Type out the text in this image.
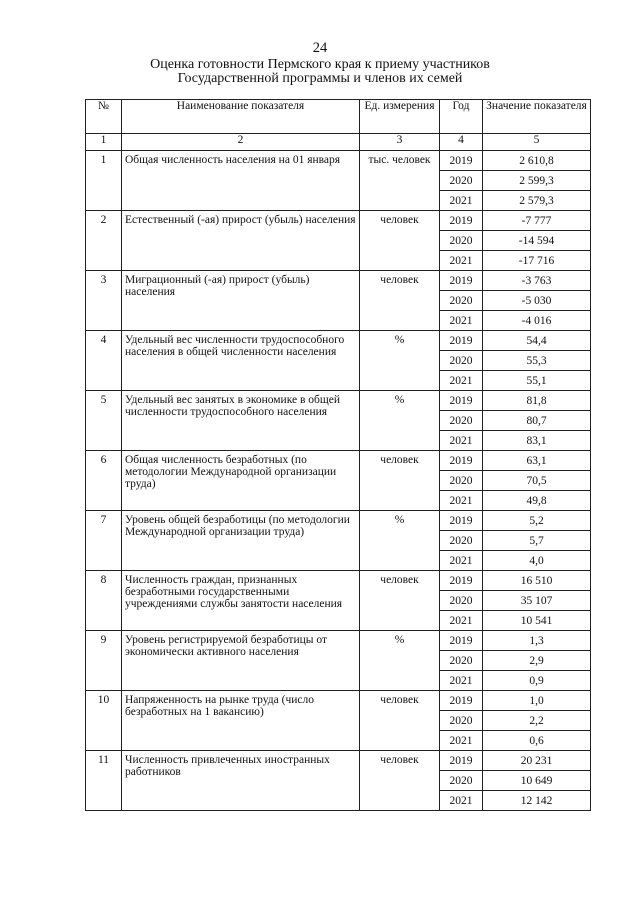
24
Оценка готовности Пермского края к приему участников
Государственной программы и членов их семей
№	Наименование показателя	Ед. измерения	Год	Значение показателя
1	2	3	4	5
1	Общая численность населения на 01 января	тыс. человек	2019	2 610,8
			2020	2 599,3
			2021	2 579,3
2	Естественный (-ая) прирост (убыль) населения	человек	2019	-7 777
			2020	-14 594
			2021	-17 716
3	Миграционный (-ая) прирост (убыль) населения	человек	2019	-3 763
			2020	-5 030
			2021	-4 016
4	Удельный вес численности трудоспособного населения в общей численности населения	%	2019	54,4
			2020	55,3
			2021	55,1
5	Удельный вес занятых в экономике в общей численности трудоспособного населения	%	2019	81,8
			2020	80,7
			2021	83,1
6	Общая численность безработных (по методологии Международной организации труда)	человек	2019	63,1
			2020	70,5
			2021	49,8
7	Уровень общей безработицы (по методологии Международной организации труда)	%	2019	5,2
			2020	5,7
			2021	4,0
8	Численность граждан, признанных безработными государственными учреждениями службы занятости населения	человек	2019	16 510
			2020	35 107
			2021	10 541
9	Уровень регистрируемой безработицы от экономически активного населения	%	2019	1,3
			2020	2,9
			2021	0,9
10	Напряженность на рынке труда (число безработных на 1 вакансию)	человек	2019	1,0
			2020	2,2
			2021	0,6
11	Численность привлеченных иностранных работников	человек	2019	20 231
			2020	10 649
			2021	12 142
